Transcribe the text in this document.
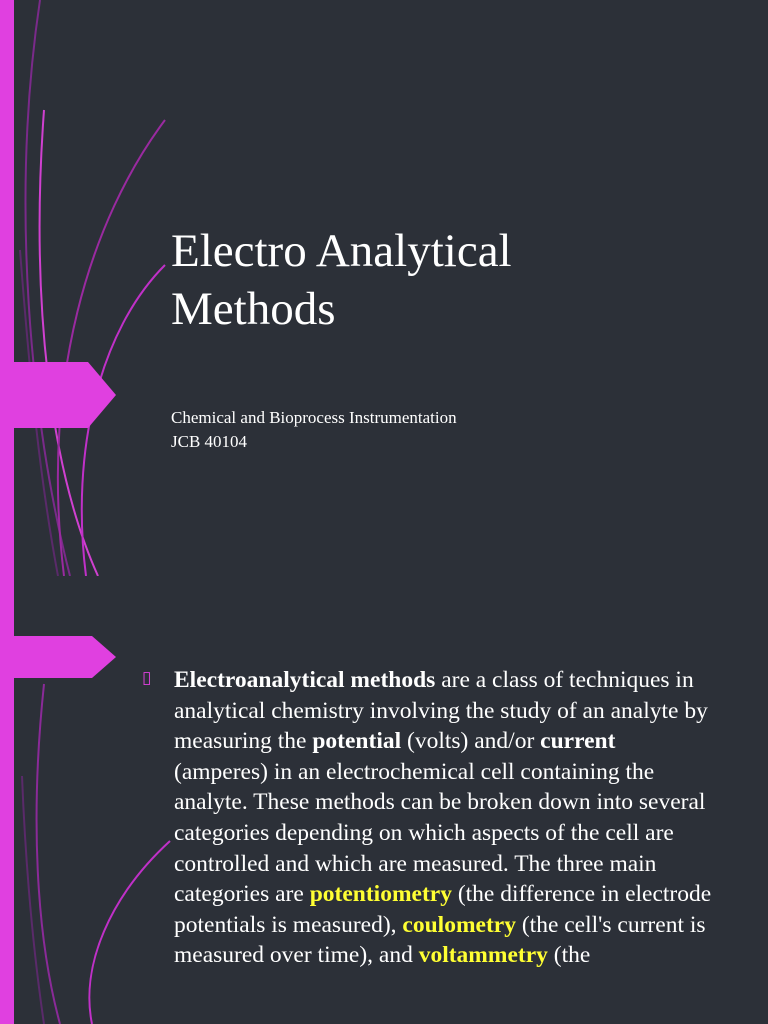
Electro Analytical
Methods
Chemical and Bioprocess Instrumentation
JCB 40104
▯ Electroanalytical methods are a class of techniques in analytical chemistry involving the study of an analyte by measuring the potential (volts) and/or current (amperes) in an electrochemical cell containing the analyte. These methods can be broken down into several categories depending on which aspects of the cell are controlled and which are measured. The three main categories are potentiometry (the difference in electrode potentials is measured), coulometry (the cell's current is measured over time), and voltammetry (the
